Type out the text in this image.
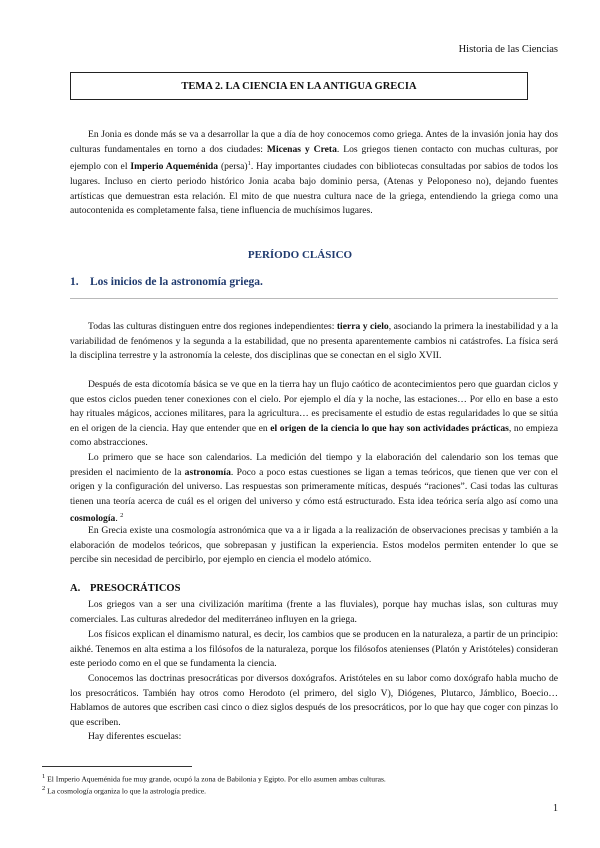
Historia de las Ciencias
TEMA 2. LA CIENCIA EN LA ANTIGUA GRECIA

En Jonia es donde más se va a desarrollar la que a día de hoy conocemos como griega. Antes de la invasión jonia hay dos culturas fundamentales en torno a dos ciudades: Micenas y Creta. Los griegos tienen contacto con muchas culturas, por ejemplo con el Imperio Aqueménida (persa)$^1$. Hay importantes ciudades con bibliotecas consultadas por sabios de todos los lugares. Incluso en cierto periodo histórico Jonia acaba bajo dominio persa, (Atenas y Peloponeso no), dejando fuentes artísticas que demuestran esta relación. El mito de que nuestra cultura nace de la griega, entendiendo la griega como una autocontenida es completamente falsa, tiene influencia de muchísimos lugares.

PERÍODO CLÁSICO
1. Los inicios de la astronomía griega.

Todas las culturas distinguen entre dos regiones independientes: tierra y cielo, asociando la primera la inestabilidad y a la variabilidad de fenómenos y la segunda a la estabilidad, que no presenta aparentemente cambios ni catástrofes. La física será la disciplina terrestre y la astronomía la celeste, dos disciplinas que se conectan en el siglo XVII.

Después de esta dicotomía básica se ve que en la tierra hay un flujo caótico de acontecimientos pero que guardan ciclos y que estos ciclos pueden tener conexiones con el cielo. Por ejemplo el día y la noche, las estaciones… Por ello en base a esto hay rituales mágicos, acciones militares, para la agricultura… es precisamente el estudio de estas regularidades lo que se sitúa en el origen de la ciencia. Hay que entender que en el origen de la ciencia lo que hay son actividades prácticas, no empieza como abstracciones.

Lo primero que se hace son calendarios. La medición del tiempo y la elaboración del calendario son los temas que presiden el nacimiento de la astronomía. Poco a poco estas cuestiones se ligan a temas teóricos, que tienen que ver con el origen y la configuración del universo. Las respuestas son primeramente míticas, después “raciones”. Casi todas las culturas tienen una teoría acerca de cuál es el origen del universo y cómo está estructurado. Esta idea teórica sería algo así como una cosmología. $^2$

En Grecia existe una cosmología astronómica que va a ir ligada a la realización de observaciones precisas y también a la elaboración de modelos teóricos, que sobrepasan y justifican la experiencia. Estos modelos permiten entender lo que se percibe sin necesidad de percibirlo, por ejemplo en ciencia el modelo atómico.

A. PRESOCRÁTICOS

Los griegos van a ser una civilización marítima (frente a las fluviales), porque hay muchas islas, son culturas muy comerciales. Las culturas alrededor del mediterráneo influyen en la griega.

Los físicos explican el dinamismo natural, es decir, los cambios que se producen en la naturaleza, a partir de un principio: aikhé. Tenemos en alta estima a los filósofos de la naturaleza, porque los filósofos atenienses (Platón y Aristóteles) consideran este periodo como en el que se fundamenta la ciencia.

Conocemos las doctrinas presocráticas por diversos doxógrafos. Aristóteles en su labor como doxógrafo habla mucho de los presocráticos. También hay otros como Herodoto (el primero, del siglo V), Diógenes, Plutarco, Jámblico, Boecio… Hablamos de autores que escriben casi cinco o diez siglos después de los presocráticos, por lo que hay que coger con pinzas lo que escriben.

Hay diferentes escuelas:

$^1$ El Imperio Aqueménida fue muy grande, ocupó la zona de Babilonia y Egipto. Por ello asumen ambas culturas.
$^2$ La cosmología organiza lo que la astrología predice.
1
